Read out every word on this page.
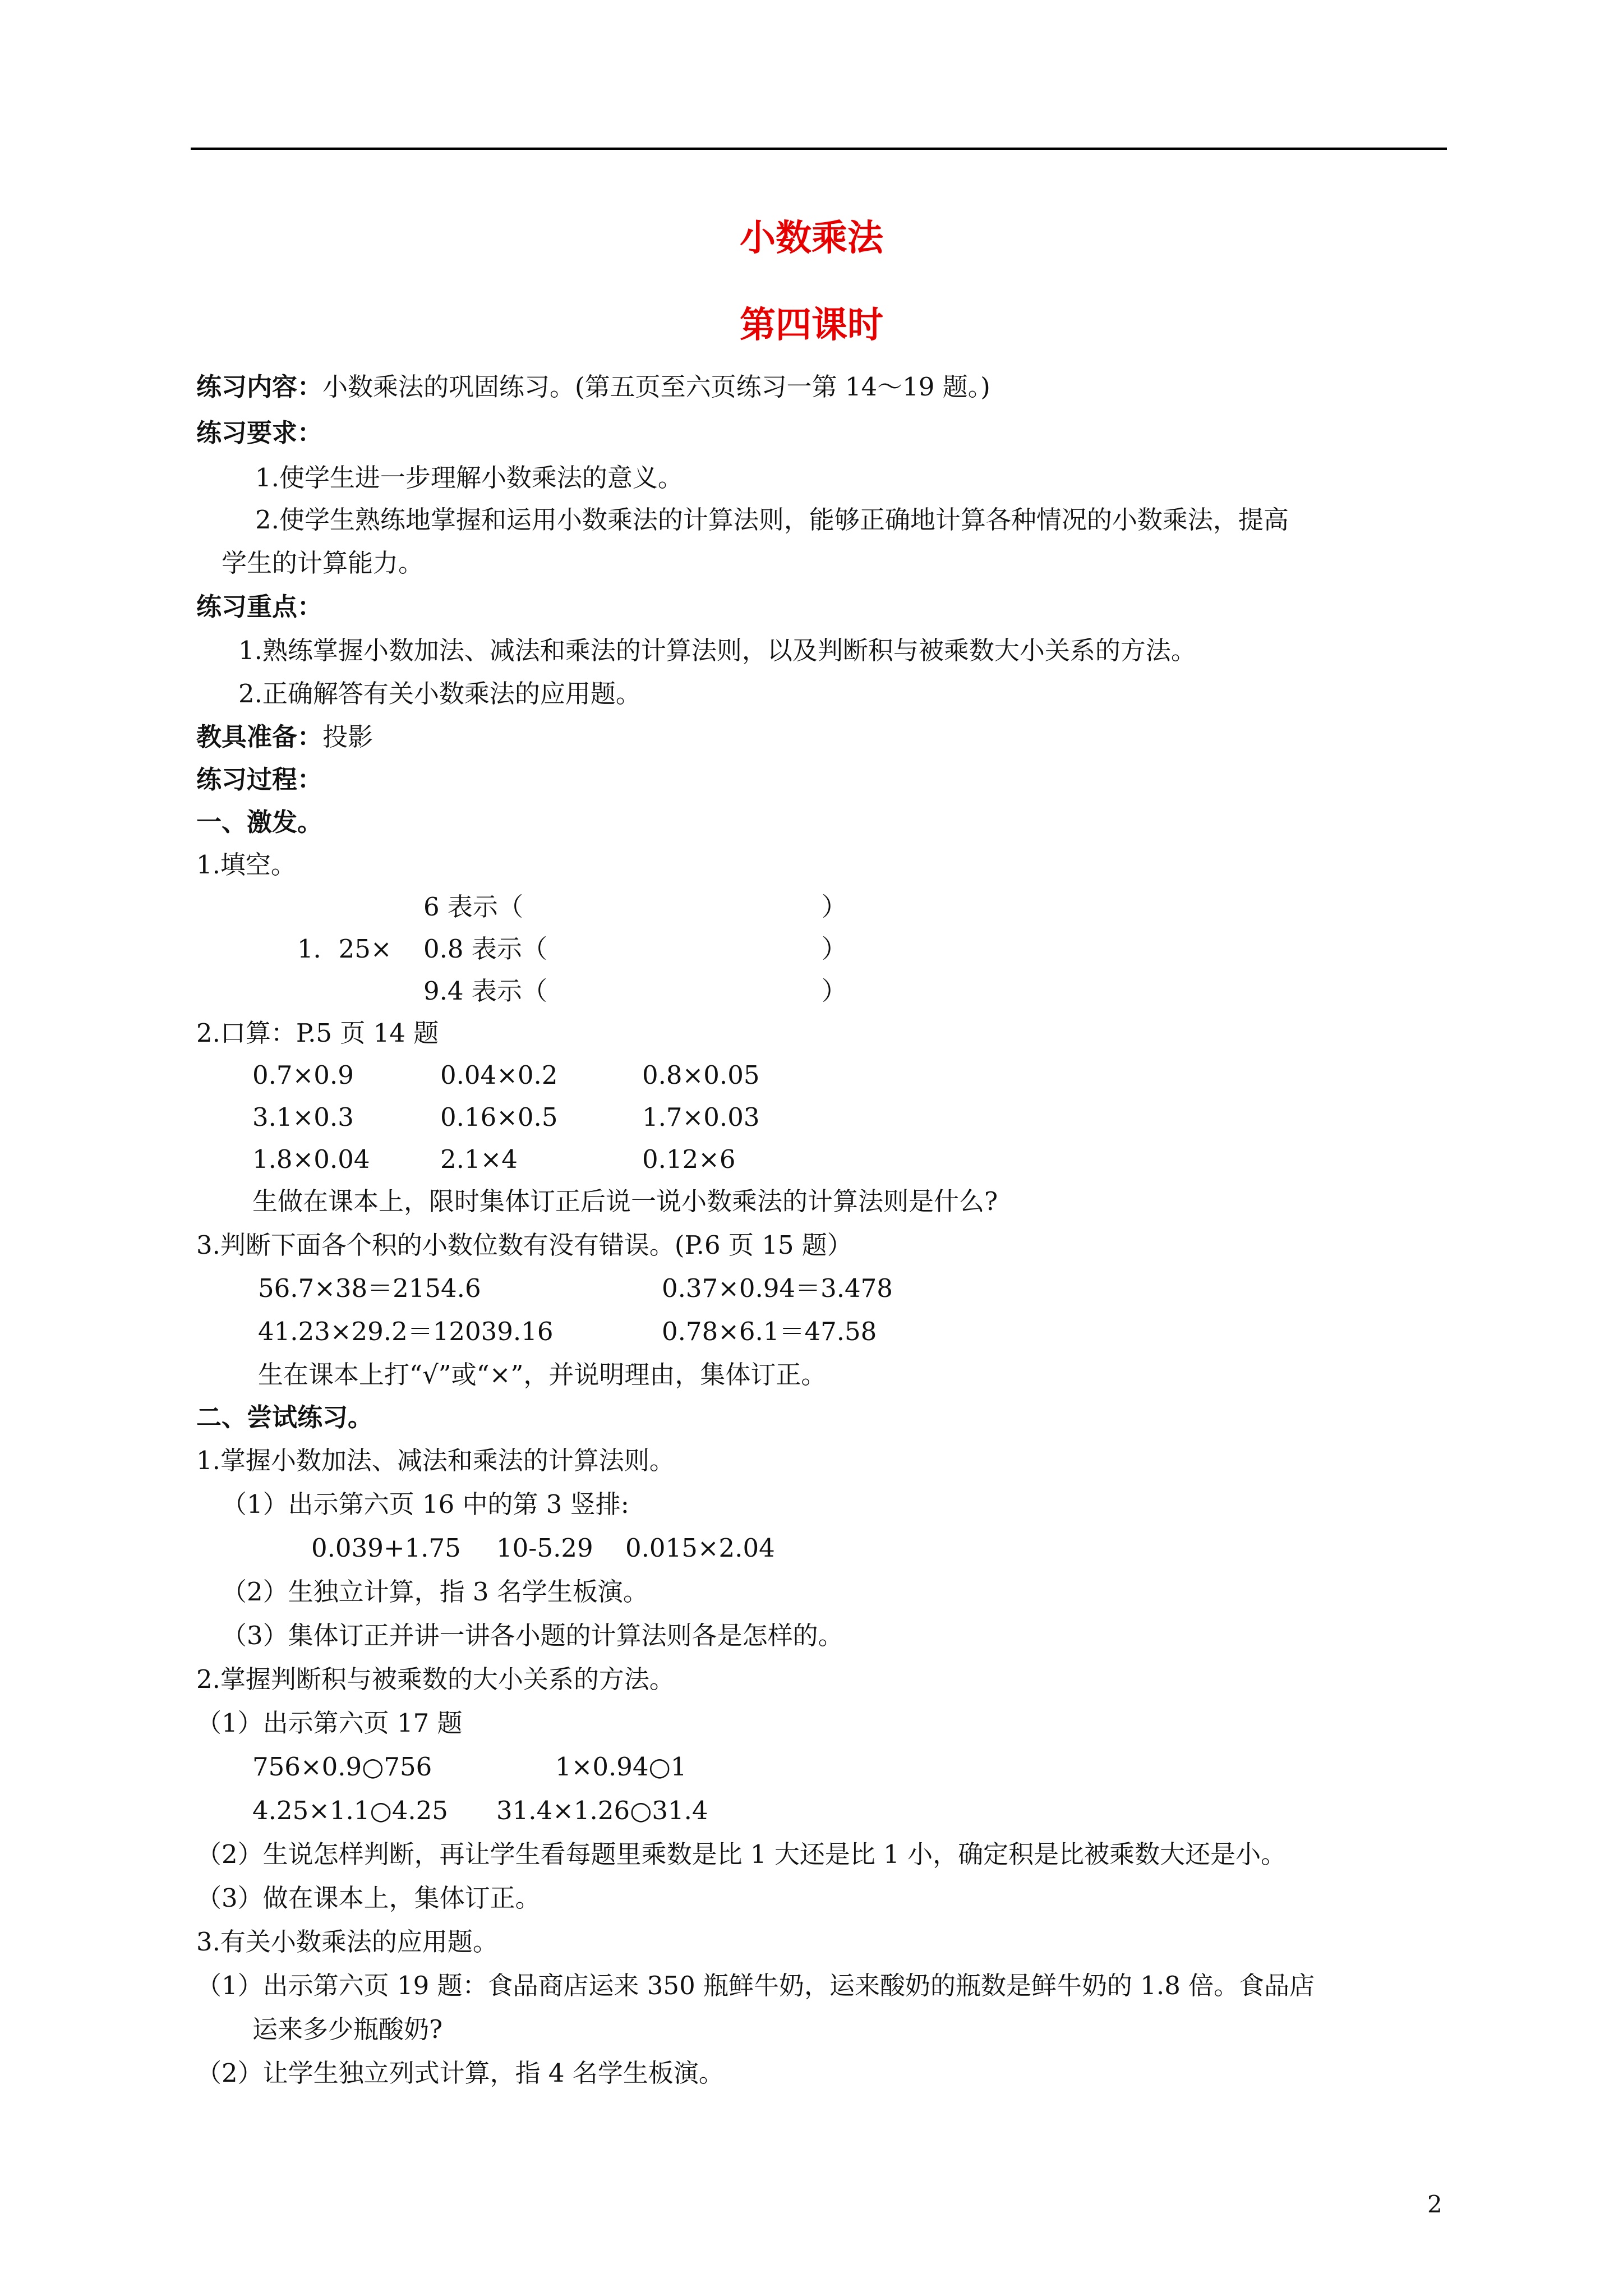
小数乘法
第四课时
练习内容：小数乘法的巩固练习。(第五页至六页练习一第 14～19 题。)
练习要求：
1.使学生进一步理解小数乘法的意义。
2.使学生熟练地掌握和运用小数乘法的计算法则，能够正确地计算各种情况的小数乘法，提高
学生的计算能力。
练习重点：
1.熟练掌握小数加法、减法和乘法的计算法则，以及判断积与被乘数大小关系的方法。
2.正确解答有关小数乘法的应用题。
教具准备：投影
练习过程：
一、激发。
1.填空。
6 表示（	）
1．25× 0.8 表示（	）
9.4 表示（	）
2.口算：P.5 页 14 题
0.7×0.9	0.04×0.2	0.8×0.05
3.1×0.3	0.16×0.5	1.7×0.03
1.8×0.04	2.1×4	0.12×6
生做在课本上，限时集体订正后说一说小数乘法的计算法则是什么?
3.判断下面各个积的小数位数有没有错误。(P.6 页 15 题）
56.7×38＝2154.6	0.37×0.94＝3.478
41.23×29.2＝12039.16	0.78×6.1＝47.58
生在课本上打“√”或“×”，并说明理由，集体订正。
二、尝试练习。
1.掌握小数加法、减法和乘法的计算法则。
（1）出示第六页 16 中的第 3 竖排:
0.039+1.75 10-5.29 0.015×2.04
（2）生独立计算，指 3 名学生板演。
（3）集体订正并讲一讲各小题的计算法则各是怎样的。
2.掌握判断积与被乘数的大小关系的方法。
（1）出示第六页 17 题
756×0.9○756	1×0.94○1
4.25×1.1○4.25 31.4×1.26○31.4
（2）生说怎样判断，再让学生看每题里乘数是比 1 大还是比 1 小，确定积是比被乘数大还是小。
（3）做在课本上，集体订正。
3.有关小数乘法的应用题。
（1）出示第六页 19 题：食品商店运来 350 瓶鲜牛奶，运来酸奶的瓶数是鲜牛奶的 1.8 倍。食品店
运来多少瓶酸奶?
（2）让学生独立列式计算，指 4 名学生板演。
2
